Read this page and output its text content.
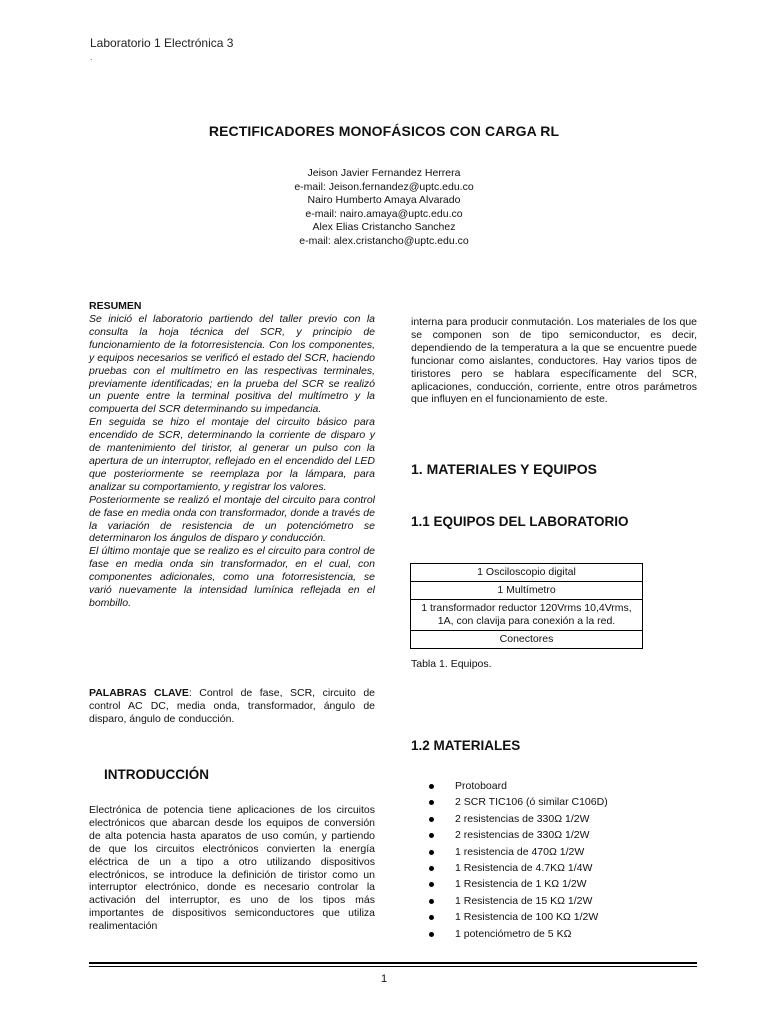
Laboratorio 1 Electrónica 3
.
RECTIFICADORES MONOFÁSICOS CON CARGA RL
Jeison Javier Fernandez Herrera
e-mail: Jeison.fernandez@uptc.edu.co
Nairo Humberto Amaya Alvarado
e-mail: nairo.amaya@uptc.edu.co
Alex Elias Cristancho Sanchez
e-mail: alex.cristancho@uptc.edu.co
RESUMEN

Se inició el laboratorio partiendo del taller previo con la consulta la hoja técnica del SCR, y principio de funcionamiento de la fotorresistencia. Con los componentes, y equipos necesarios se verificó el estado del SCR, haciendo pruebas con el multímetro en las respectivas terminales, previamente identificadas; en la prueba del SCR se realizó un puente entre la terminal positiva del multímetro y la compuerta del SCR determinando su impedancia.

En seguida se hizo el montaje del circuito básico para encendido de SCR, determinando la corriente de disparo y de mantenimiento del tiristor, al generar un pulso con la apertura de un interruptor, reflejado en el encendido del LED que posteriormente se reemplaza por la lámpara, para analizar su comportamiento, y registrar los valores.

Posteriormente se realizó el montaje del circuito para control de fase en media onda con transformador, donde a través de la variación de resistencia de un potenciómetro se determinaron los ángulos de disparo y conducción.

El último montaje que se realizo es el circuito para control de fase en media onda sin transformador, en el cual, con componentes adicionales, como una fotorresistencia, se varió nuevamente la intensidad lumínica reflejada en el bombillo.

PALABRAS CLAVE: Control de fase, SCR, circuito de control AC DC, media onda, transformador, ángulo de disparo, ángulo de conducción.
INTRODUCCIÓN
Electrónica de potencia tiene aplicaciones de los circuitos electrónicos que abarcan desde los equipos de conversión de alta potencia hasta aparatos de uso común, y partiendo de que los circuitos electrónicos convierten la energía eléctrica de un a tipo a otro utilizando dispositivos electrónicos, se introduce la definición de tiristor como un interruptor electrónico, donde es necesario controlar la activación del interruptor, es uno de los tipos más importantes de dispositivos semiconductores que utiliza realimentación
interna para producir conmutación. Los materiales de los que se componen son de tipo semiconductor, es decir, dependiendo de la temperatura a la que se encuentre puede funcionar como aislantes, conductores. Hay varios tipos de tiristores pero se hablara específicamente del SCR, aplicaciones, conducción, corriente, entre otros parámetros que influyen en el funcionamiento de este.
1. MATERIALES Y EQUIPOS
1.1 EQUIPOS DEL LABORATORIO
1 Osciloscopio digital
1 Multímetro
1 transformador reductor 120Vrms 10,4Vrms, 1A, con clavija para conexión a la red.
Conectores
Tabla 1. Equipos.
1.2 MATERIALES
Protoboard
2 SCR TIC106 (ó similar C106D)
2 resistencias de 330Ω 1/2W
2 resistencias de 330Ω 1/2W
1 resistencia de 470Ω 1/2W
1 Resistencia de 4.7KΩ 1/4W
1 Resistencia de 1 KΩ 1/2W
1 Resistencia de 15 KΩ 1/2W
1 Resistencia de 100 KΩ 1/2W
1 potenciómetro de 5 KΩ
1
